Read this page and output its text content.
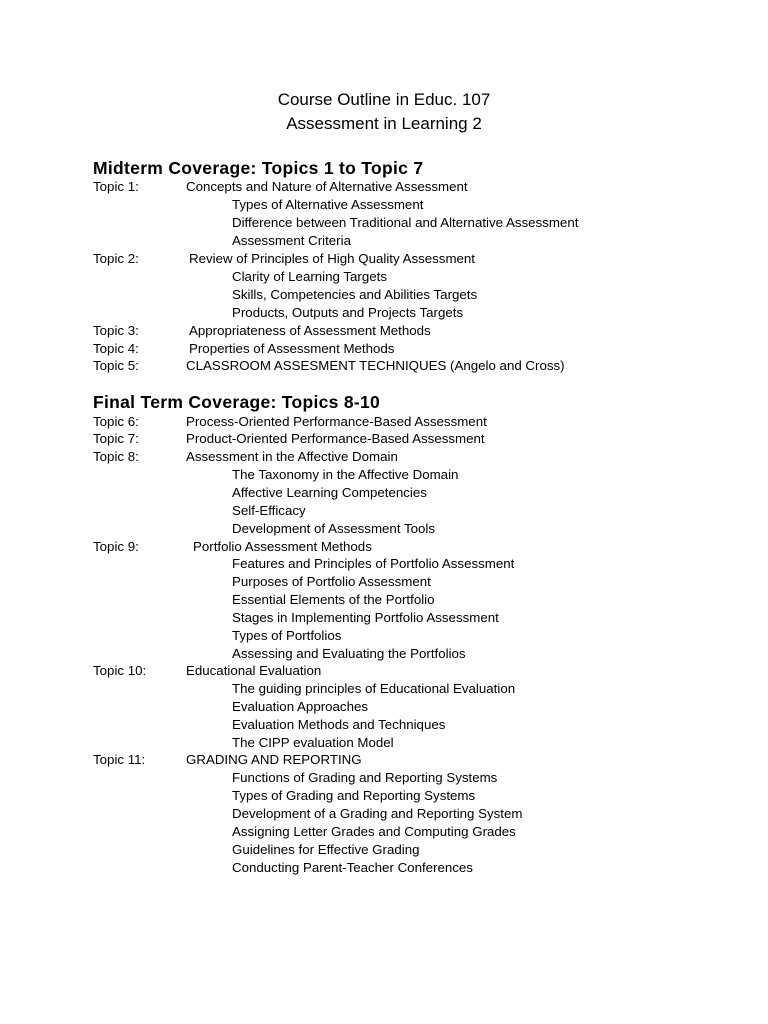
Course Outline in Educ. 107
Assessment in Learning 2
Midterm Coverage: Topics 1 to Topic 7
Topic 1:	Concepts and Nature of Alternative Assessment
Types of Alternative Assessment
Difference between Traditional and Alternative Assessment
Assessment Criteria
Topic 2:	Review of Principles of High Quality Assessment
Clarity of Learning Targets
Skills, Competencies and Abilities Targets
Products, Outputs and Projects Targets
Topic 3:	Appropriateness of Assessment Methods
Topic 4:	Properties of Assessment Methods
Topic 5:	CLASSROOM ASSESMENT TECHNIQUES (Angelo and Cross)
Final Term Coverage: Topics 8-10
Topic 6:	Process-Oriented Performance-Based Assessment
Topic 7:	Product-Oriented Performance-Based Assessment
Topic 8:	Assessment in the Affective Domain
The Taxonomy in the Affective Domain
Affective Learning Competencies
Self-Efficacy
Development of Assessment Tools
Topic 9:	Portfolio Assessment Methods
Features and Principles of Portfolio Assessment
Purposes of Portfolio Assessment
Essential Elements of the Portfolio
Stages in Implementing Portfolio Assessment
Types of Portfolios
Assessing and Evaluating the Portfolios
Topic 10:	Educational Evaluation
The guiding principles of Educational Evaluation
Evaluation Approaches
Evaluation Methods and Techniques
The CIPP evaluation Model
Topic 11:	GRADING AND REPORTING
Functions of Grading and Reporting Systems
Types of Grading and Reporting Systems
Development of a Grading and Reporting System
Assigning Letter Grades and Computing Grades
Guidelines for Effective Grading
Conducting Parent-Teacher Conferences
